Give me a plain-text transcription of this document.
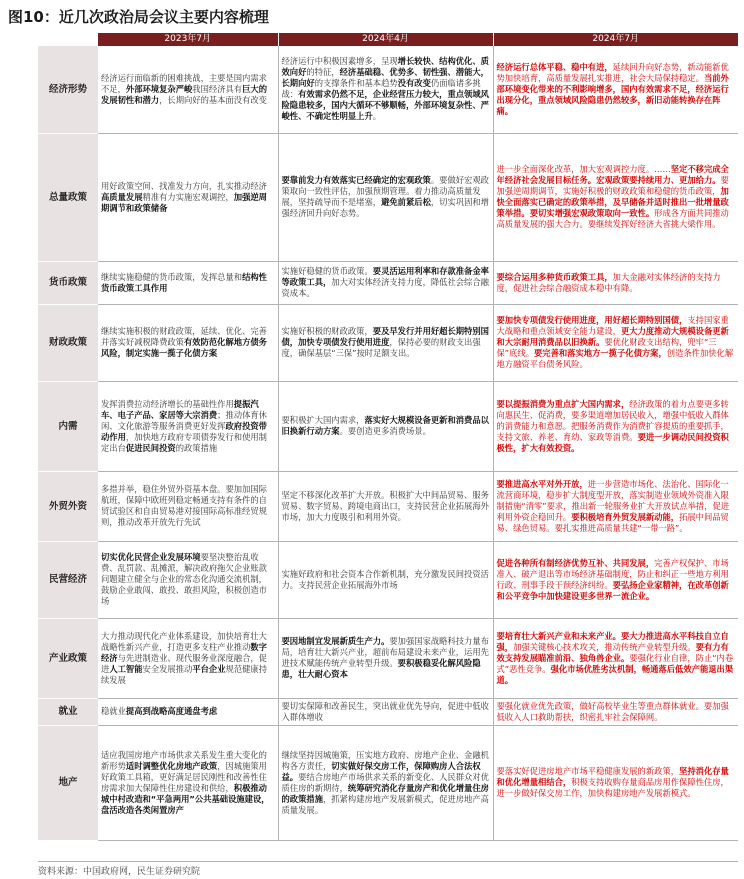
图10：近几次政治局会议主要内容梳理
	2023年7月	2024年4月	2024年7月
经济形势	经济运行面临新的困难挑战，主要是国内需求不足，外部环境复杂严峻我国经济具有巨大的发展韧性和潜力，长期向好的基本面没有改变	经济运行中积极因素增多，呈现增长较快、结构优化、质效向好的特征，经济基础稳、优势多、韧性强、潜能大，长期向好的支撑条件和基本趋势没有改变仍面临诸多挑战：有效需求仍然不足，企业经营压力较大，重点领域风险隐患较多，国内大循环不够顺畅，外部环境复杂性、严峻性、不确定性明显上升。	经济运行总体平稳、稳中有进，延续回升向好态势，新动能新优势加快培育，高质量发展扎实推进，社会大局保持稳定。当前外部环境变化带来的不利影响增多，国内有效需求不足，经济运行出现分化，重点领域风险隐患仍然较多，新旧动能转换存在阵痛。
总量政策	用好政策空间、找准发力方向，扎实推动经济高质量发展精准有力实施宏观调控，加强逆周期调节和政策储备	要靠前发力有效落实已经确定的宏观政策。要做好宏观政策取向一致性评估，加强预期管理。着力推动高质量发展，坚持疏导而不是堵塞，避免前紧后松，切实巩固和增强经济回升向好态势。	进一步全面深化改革，加大宏观调控力度。……坚定不移完成全年经济社会发展目标任务。宏观政策要持续用力、更加给力。要加强逆周期调节，实施好积极的财政政策和稳健的货币政策，加快全面落实已确定的政策举措，及早储备并适时推出一批增量政策举措。要切实增强宏观政策取向一致性。形成各方面共同推动高质量发展的强大合力。要继续发挥好经济大省挑大梁作用。
货币政策	继续实施稳健的货币政策，发挥总量和结构性货币政策工具作用	实施好稳健的货币政策。要灵活运用利率和存款准备金率等政策工具，加大对实体经济支持力度，降低社会综合融资成本。	要综合运用多种货币政策工具，加大金融对实体经济的支持力度，促进社会综合融资成本稳中有降。
财政政策	继续实施积极的财政政策，延续、优化、完善并落实好减税降费政策有效防范化解地方债务风险，制定实施一揽子化债方案	实施好积极的财政政策，要及早发行并用好超长期特别国债，加快专项债发行使用进度，保持必要的财政支出强度，确保基层“三保”按时足额支出。	要加快专项债发行使用进度，用好超长期特别国债，支持国家重大战略和重点领域安全能力建设，更大力度推动大规模设备更新和大宗耐用消费品以旧换新。要优化财政支出结构，兜牢“三保”底线。要完善和落实地方一揽子化债方案，创造条件加快化解地方融资平台债务风险。
内需	发挥消费拉动经济增长的基础性作用提振汽车、电子产品、家居等大宗消费；推动体育休闲、文化旅游等服务消费更好发挥政府投资带动作用，加快地方政府专项债券发行和使用制定出台促进民间投资的政策措施	要积极扩大国内需求，落实好大规模设备更新和消费品以旧换新行动方案。要创造更多消费场景。	要以提振消费为重点扩大国内需求，经济政策的着力点要更多转向惠民生、促消费，要多渠道增加居民收入，增强中低收入群体的消费能力和意愿。把服务消费作为消费扩容提质的重要抓手，支持文旅、养老、育幼、家政等消费。要进一步调动民间投资积极性，扩大有效投资。
外贸外资	多措并举，稳住外贸外资基本盘。要加加国际航班，保障中欧班列稳定畅通支持有条件的自贸试验区和自由贸易港对接国际高标准经贸规则，推动改革开放先行先试	坚定不移深化改革扩大开放。积极扩大中间品贸易、服务贸易、数字贸易、跨境电商出口，支持民营企业拓展海外市场，加大力度吸引和利用外资。	要推进高水平对外开放，进一步营造市场化、法治化、国际化一流营商环境，稳步扩大制度型开放，落实制造业领域外资准入限制措施“清零”要求，推出新一轮服务业扩大开放试点举措，促进利用外资企稳回升。要积极培育外贸发展新动能，拓展中间品贸易、绿色贸易。要扎实推进高质量共建“一带一路”。
民营经济	切实优化民营企业发展环境要坚决整治乱收费、乱罚款、乱摊派，解决政府拖欠企业账款问题建立健全与企业的常态化沟通交流机制，鼓励企业敢闯、敢投、敢担风险，积极创造市场	实施好政府和社会资本合作新机制，充分激发民间投资活力。支持民营企业拓展海外市场	促进各种所有制经济优势互补、共同发展，完善产权保护、市场准入、破产退出等市场经济基础制度，防止和纠正一些地方利用行政、刑事手段干预经济纠纷。要弘扬企业家精神，在改革创新和公平竞争中加快建设更多世界一流企业。
产业政策	大力推动现代化产业体系建设，加快培育壮大战略性新兴产业，打造更多支柱产业推动数字经济与先进制造业、现代服务业深度融合，促进人工智能安全发展推动平台企业规范健康持续发展	要因地制宜发展新质生产力。要加强国家战略科技力量布局，培育壮大新兴产业，超前布局建设未来产业，运用先进技术赋能传统产业转型升级。要积极稳妥化解风险隐患，壮大耐心资本	要培育壮大新兴产业和未来产业。要大力推进高水平科技自立自强，加强关键核心技术攻关，推动传统产业转型升级。要有力有效支持发展瞄准前沿、独角兽企业。要强化行业自律，防止“内卷式”恶性竞争。强化市场优胜劣汰机制，畅通落后低效产能退出渠道。
就业	稳就业提高到战略高度通盘考虑	要切实保障和改善民生，突出就业优先导向，促进中低收入群体增收	要强化就业优先政策，做好高校毕业生等重点群体就业。要加强低收入人口救助帮扶，织密扎牢社会保障网。
地产	适应我国房地产市场供求关系发生重大变化的新形势适时调整优化房地产政策，因城施策用好政策工具箱，更好满足居民刚性和改善性住房需求加大保障性住房建设和供给，积极推动城中村改造和“平急两用”公共基础设施建设，盘活改造各类闲置房产	继续坚持因城施策，压实地方政府、房地产企业、金融机构各方责任，切实做好保交房工作，保障购房人合法权益。要结合房地产市场供求关系的新变化、人民群众对优质住房的新期待，统筹研究消化存量房产和优化增量住房的政策措施，抓紧构建房地产发展新模式，促进房地产高质量发展。	要落实好促进房地产市场平稳健康发展的新政策，坚持消化存量和优化增量相结合，积极支持收购存量商品房用作保障性住房，进一步做好保交房工作，加快构建房地产发展新模式。
资料来源：中国政府网，民生证券研究院
